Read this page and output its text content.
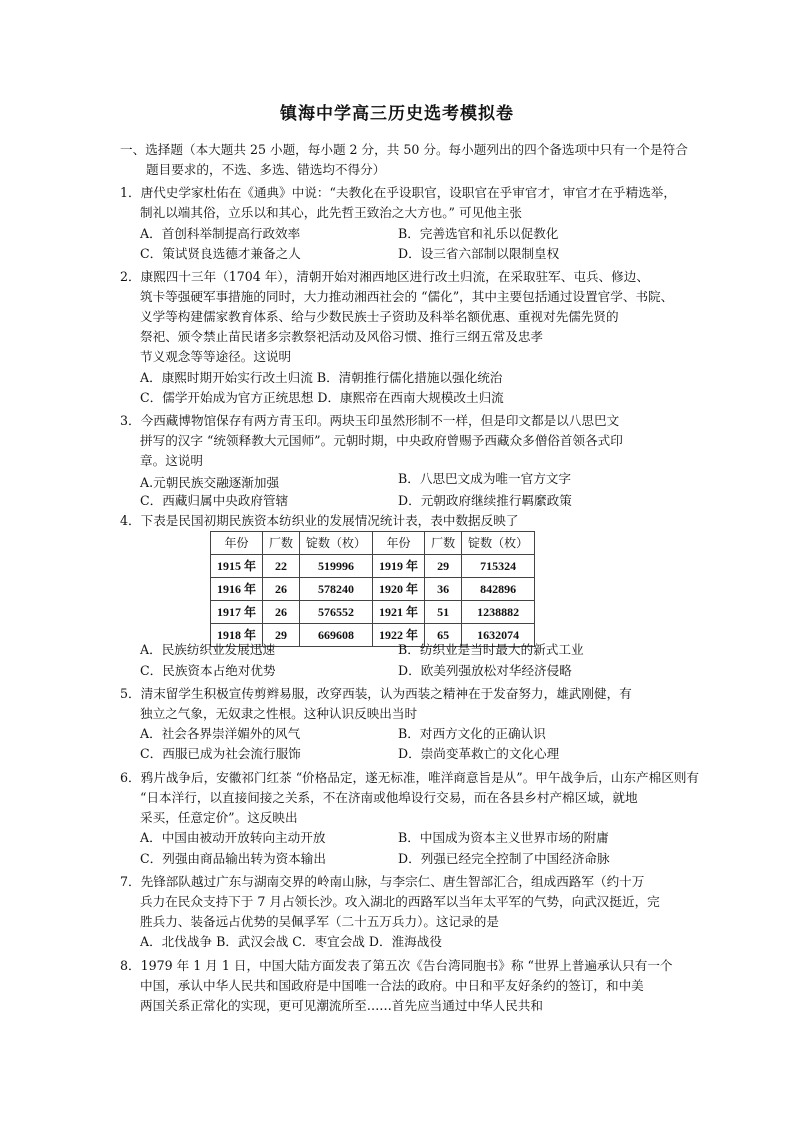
镇海中学高三历史选考模拟卷
一、选择题（本大题共 25 小题，每小题 2 分，共 50 分。每小题列出的四个备选项中只有一个是符合
题目要求的，不选、多选、错选均不得分）
1．唐代史学家杜佑在《通典》中说：“夫教化在乎设职官，设职官在乎审官才，审官才在乎精选举，
制礼以端其俗，立乐以和其心，此先哲王致治之大方也。” 可见他主张
A．首创科举制提高行政效率	B．完善选官和礼乐以促教化
C．策试贤良选德才兼备之人	D．设三省六部制以限制皇权
2．康熙四十三年（1704 年），清朝开始对湘西地区进行改土归流，在采取驻军、屯兵、修边、
筑卡等强硬军事措施的同时，大力推动湘西社会的 “儒化”，其中主要包括通过设置官学、书院、
义学等构建儒家教育体系、给与少数民族士子资助及科举名额优惠、重视对先儒先贤的
祭祀、颁令禁止苗民诸多宗教祭祀活动及风俗习惯、推行三纲五常及忠孝
节义观念等等途径。这说明
A．康熙时期开始实行改土归流 B．清朝推行儒化措施以强化统治
C．儒学开始成为官方正统思想 D．康熙帝在西南大规模改土归流
3．今西藏博物馆保存有两方青玉印。两块玉印虽然形制不一样，但是印文都是以八思巴文
拼写的汉字 “统领释教大元国师”。元朝时期，中央政府曾赐予西藏众多僧俗首领各式印
章。这说明
A.元朝民族交融逐渐加强	B．八思巴文成为唯一官方文字
C．西藏归属中央政府管辖	D．元朝政府继续推行羁縻政策
4．下表是民国初期民族资本纺织业的发展情况统计表，表中数据反映了
年份	厂数	锭数（枚）	年份	厂数	锭数（枚）
1915 年	22	519996	1919 年	29	715324
1916 年	26	578240	1920 年	36	842896
1917 年	26	576552	1921 年	51	1238882
1918 年	29	669608	1922 年	65	1632074
A．民族纺织业发展迅速	B．纺织业是当时最大的新式工业
C．民族资本占绝对优势	D．欧美列强放松对华经济侵略
5．清末留学生积极宣传剪辫易服，改穿西装，认为西装之精神在于发奋努力，雄武刚健，有
独立之气象，无奴隶之性根。这种认识反映出当时
A．社会各界崇洋媚外的风气	B．对西方文化的正确认识
C．西服已成为社会流行服饰	D．崇尚变革救亡的文化心理
6．鸦片战争后，安徽祁门红茶 “价格品定，遂无标准，唯洋商意旨是从”。甲午战争后，山东产棉区则有
“日本洋行，以直接间接之关系，不在济南或他埠设行交易，而在各县乡村产棉区域，就地
采买，任意定价”。这反映出
A．中国由被动开放转向主动开放	B．中国成为资本主义世界市场的附庸
C．列强由商品输出转为资本输出	D．列强已经完全控制了中国经济命脉
7．先锋部队越过广东与湖南交界的岭南山脉，与李宗仁、唐生智部汇合，组成西路军（约十万
兵力在民众支持下于 7 月占领长沙。攻入湖北的西路军以当年太平军的气势，向武汉挺近，完
胜兵力、装备远占优势的吴佩孚军（二十五万兵力）。这记录的是
A．北伐战争 B．武汉会战 C．枣宜会战 D．淮海战役
8．1979 年 1 月 1 日，中国大陆方面发表了第五次《告台湾同胞书》称 “世界上普遍承认只有一个
中国，承认中华人民共和国政府是中国唯一合法的政府。中日和平友好条约的签订，和中美
两国关系正常化的实现，更可见潮流所至……首先应当通过中华人民共和
